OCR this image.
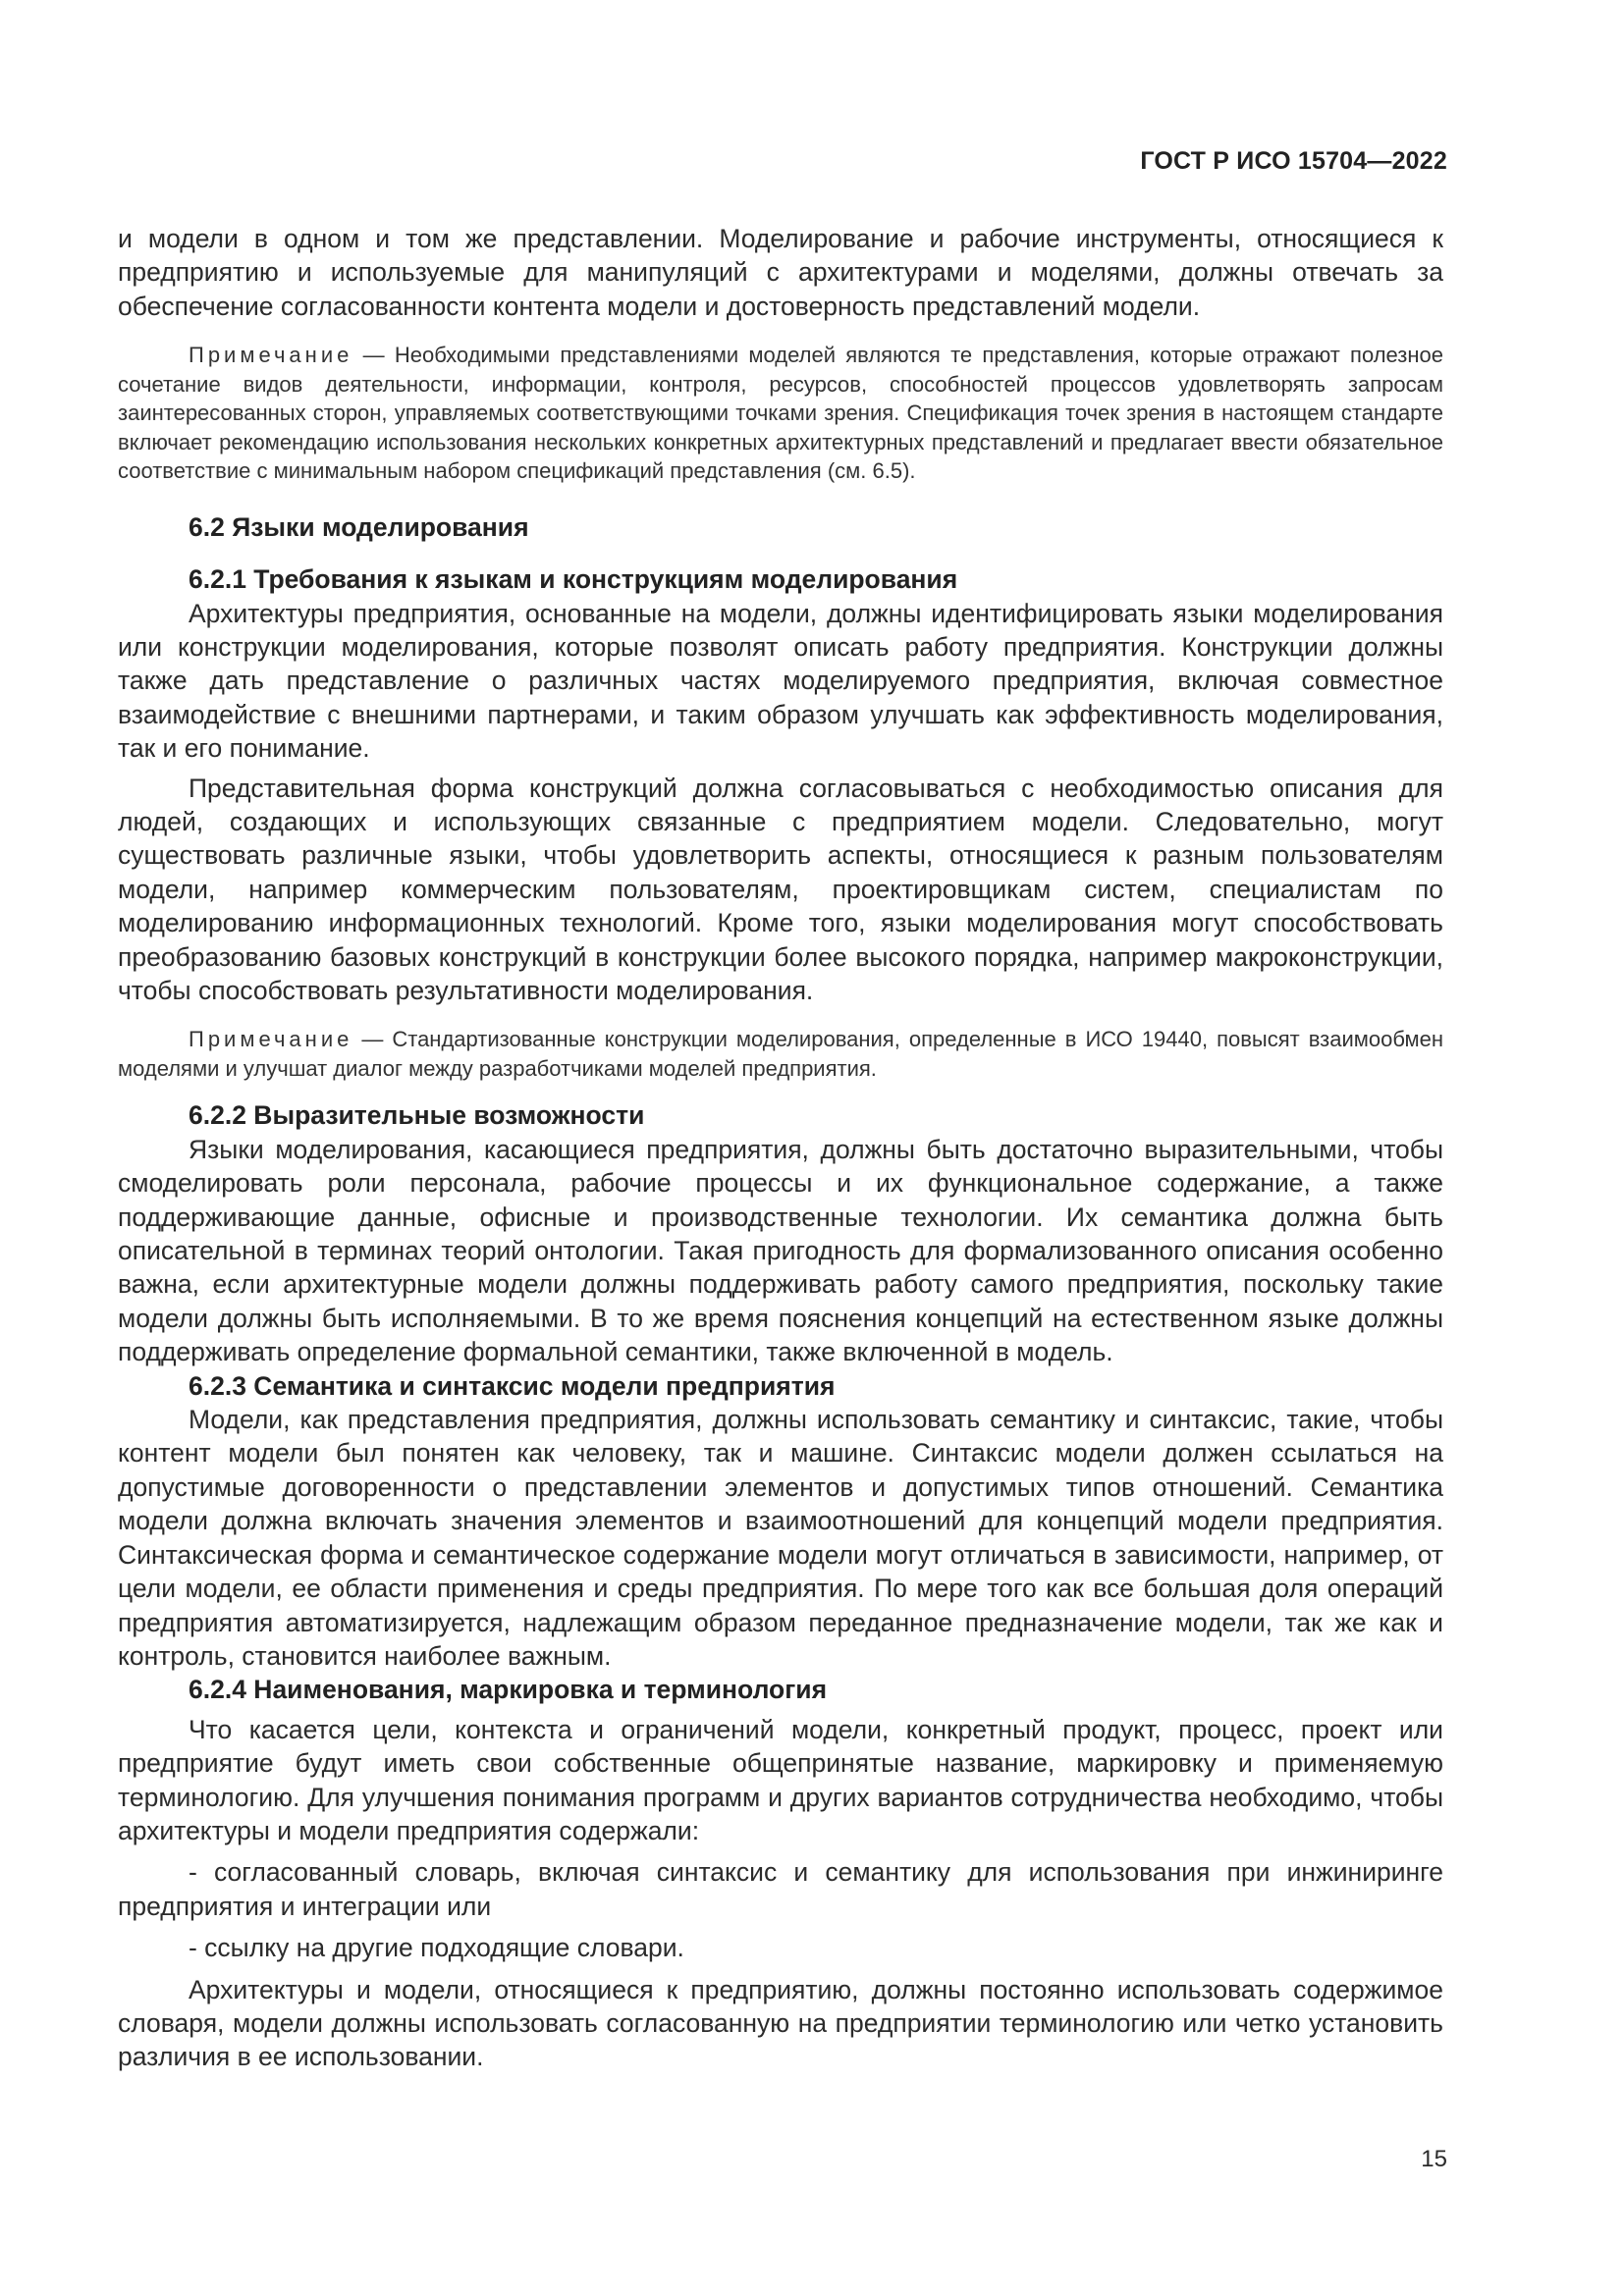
ГОСТ Р ИСО 15704—2022

и модели в одном и том же представлении. Моделирование и рабочие инструменты, относящиеся к предприятию и используемые для манипуляций с архитектурами и моделями, должны отвечать за обеспечение согласованности контента модели и достоверность представлений модели.

Примечание — Необходимыми представлениями моделей являются те представления, которые отражают полезное сочетание видов деятельности, информации, контроля, ресурсов, способностей процессов удовлетворять запросам заинтересованных сторон, управляемых соответствующими точками зрения. Спецификация точек зрения в настоящем стандарте включает рекомендацию использования нескольких конкретных архитектурных представлений и предлагает ввести обязательное соответствие с минимальным набором спецификаций представления (см. 6.5).

6.2 Языки моделирования

6.2.1 Требования к языкам и конструкциям моделирования

Архитектуры предприятия, основанные на модели, должны идентифицировать языки моделирования или конструкции моделирования, которые позволят описать работу предприятия. Конструкции должны также дать представление о различных частях моделируемого предприятия, включая совместное взаимодействие с внешними партнерами, и таким образом улучшать как эффективность моделирования, так и его понимание.

Представительная форма конструкций должна согласовываться с необходимостью описания для людей, создающих и использующих связанные с предприятием модели. Следовательно, могут существовать различные языки, чтобы удовлетворить аспекты, относящиеся к разным пользователям модели, например коммерческим пользователям, проектировщикам систем, специалистам по моделированию информационных технологий. Кроме того, языки моделирования могут способствовать преобразованию базовых конструкций в конструкции более высокого порядка, например макроконструкции, чтобы способствовать результативности моделирования.

Примечание — Стандартизованные конструкции моделирования, определенные в ИСО 19440, повысят взаимообмен моделями и улучшат диалог между разработчиками моделей предприятия.

6.2.2 Выразительные возможности

Языки моделирования, касающиеся предприятия, должны быть достаточно выразительными, чтобы смоделировать роли персонала, рабочие процессы и их функциональное содержание, а также поддерживающие данные, офисные и производственные технологии. Их семантика должна быть описательной в терминах теорий онтологии. Такая пригодность для формализованного описания особенно важна, если архитектурные модели должны поддерживать работу самого предприятия, поскольку такие модели должны быть исполняемыми. В то же время пояснения концепций на естественном языке должны поддерживать определение формальной семантики, также включенной в модель.

6.2.3 Семантика и синтаксис модели предприятия

Модели, как представления предприятия, должны использовать семантику и синтаксис, такие, чтобы контент модели был понятен как человеку, так и машине. Синтаксис модели должен ссылаться на допустимые договоренности о представлении элементов и допустимых типов отношений. Семантика модели должна включать значения элементов и взаимоотношений для концепций модели предприятия. Синтаксическая форма и семантическое содержание модели могут отличаться в зависимости, например, от цели модели, ее области применения и среды предприятия. По мере того как все большая доля операций предприятия автоматизируется, надлежащим образом переданное предназначение модели, так же как и контроль, становится наиболее важным.

6.2.4 Наименования, маркировка и терминология

Что касается цели, контекста и ограничений модели, конкретный продукт, процесс, проект или предприятие будут иметь свои собственные общепринятые название, маркировку и применяемую терминологию. Для улучшения понимания программ и других вариантов сотрудничества необходимо, чтобы архитектуры и модели предприятия содержали:

- согласованный словарь, включая синтаксис и семантику для использования при инжиниринге предприятия и интеграции или

- ссылку на другие подходящие словари.

Архитектуры и модели, относящиеся к предприятию, должны постоянно использовать содержимое словаря, модели должны использовать согласованную на предприятии терминологию или четко установить различия в ее использовании.

15
